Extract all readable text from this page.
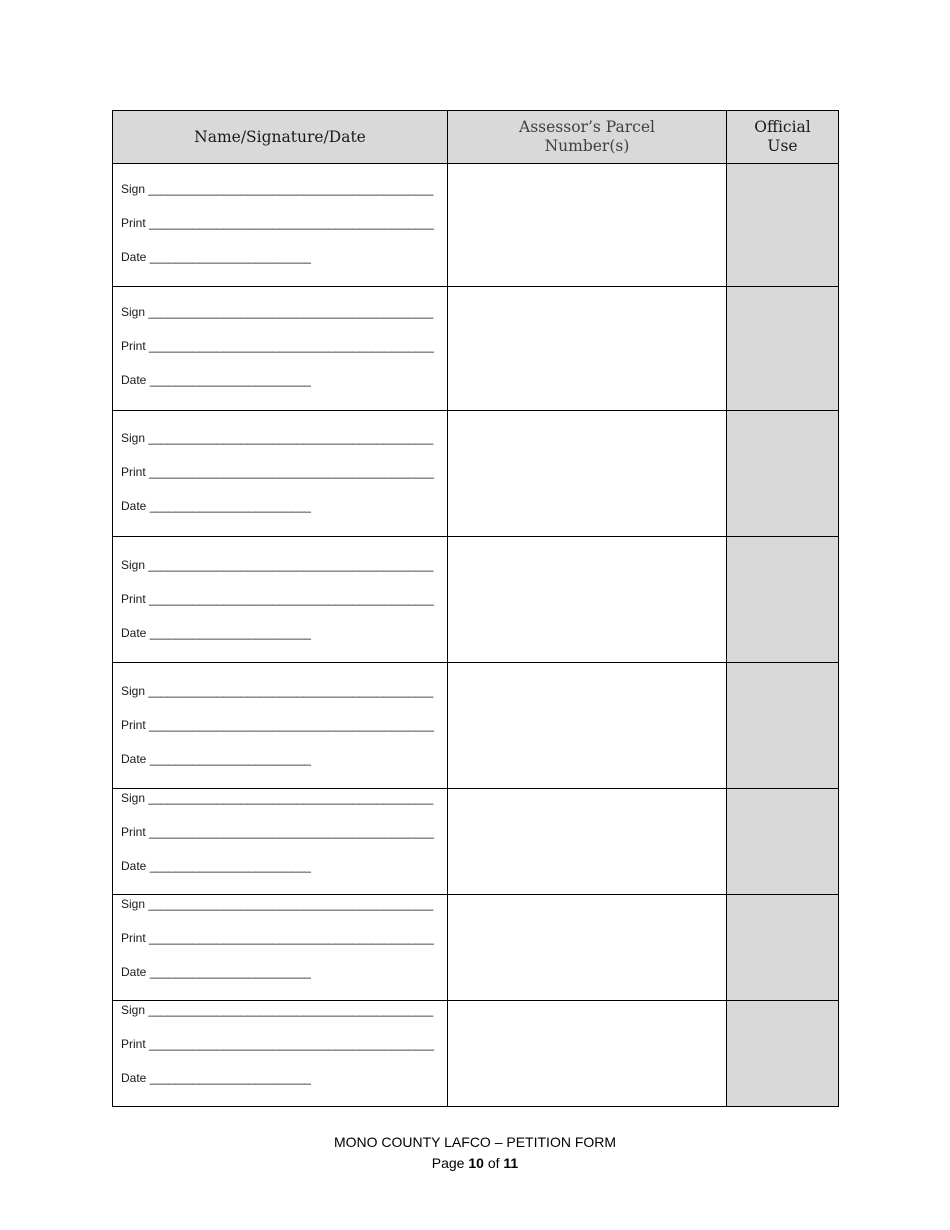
Name/Signature/Date
Assessor’s Parcel
Number(s)
Official
Use
Sign ______________________________________________
Print ______________________________________________
Date __________________________
Sign ______________________________________________
Print ______________________________________________
Date __________________________
Sign ______________________________________________
Print ______________________________________________
Date __________________________
Sign ______________________________________________
Print ______________________________________________
Date __________________________
Sign ______________________________________________
Print ______________________________________________
Date __________________________
Sign ______________________________________________
Print ______________________________________________
Date __________________________
Sign ______________________________________________
Print ______________________________________________
Date __________________________
Sign ______________________________________________
Print ______________________________________________
Date __________________________
MONO COUNTY LAFCO – PETITION FORM
Page 10 of 11
